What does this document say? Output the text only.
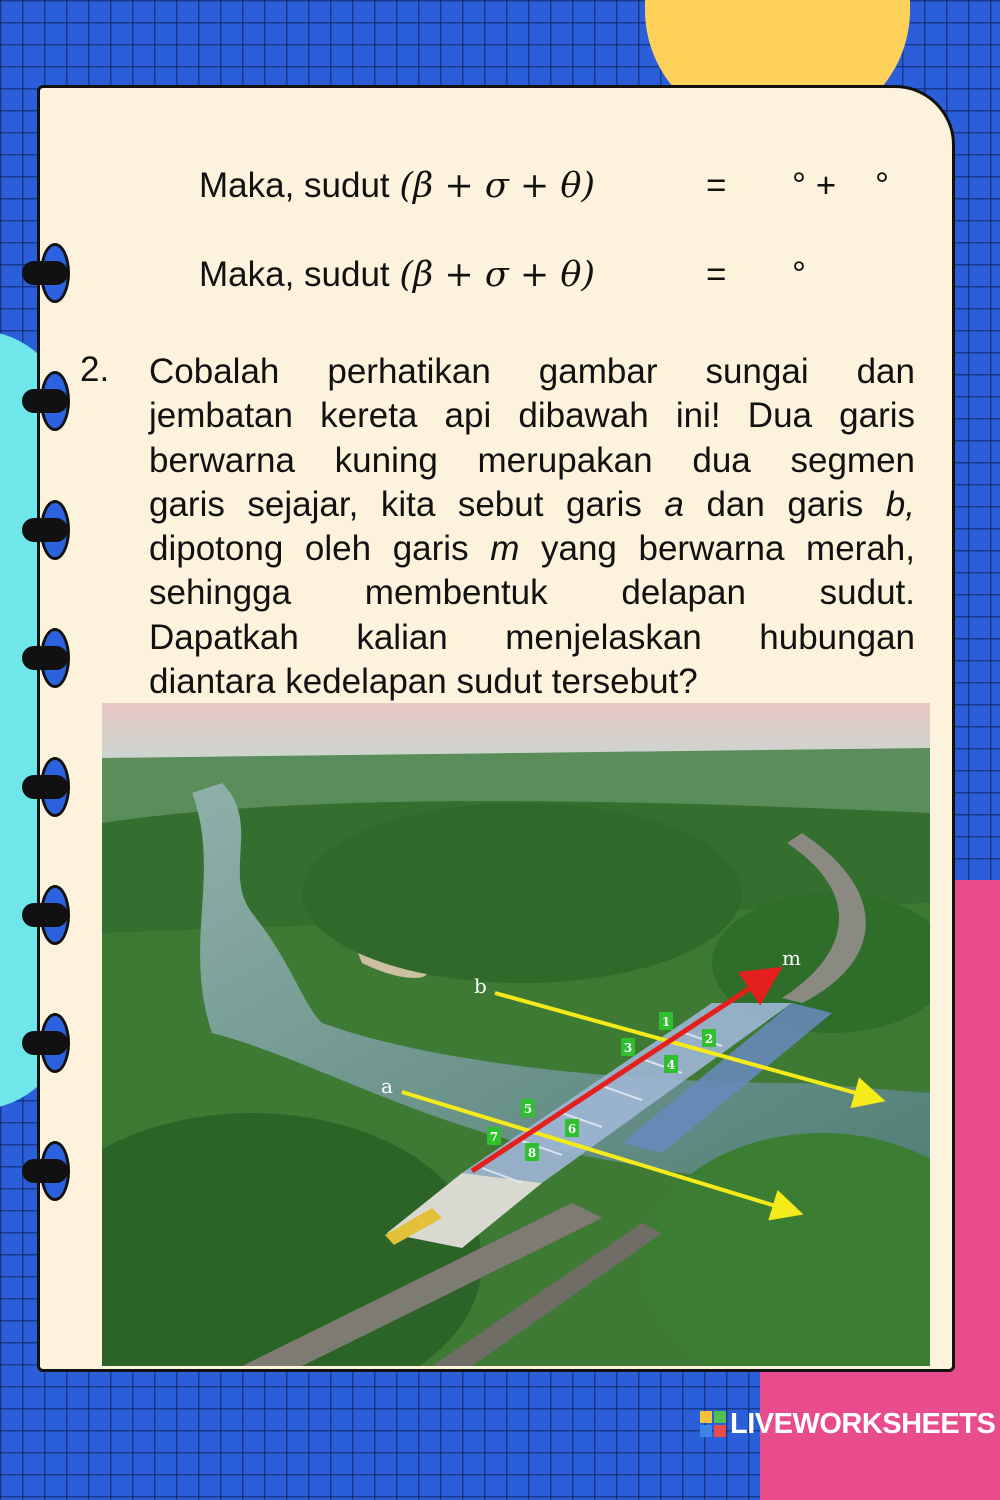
Maka, sudut (β + σ + θ)	= ° +    °
Maka, sudut (β + σ + θ)	= °
2. Cobalah perhatikan gambar sungai dan
jembatan kereta api dibawah ini! Dua garis
berwarna kuning merupakan dua segmen
garis sejajar, kita sebut garis a dan garis b,
dipotong oleh garis m yang berwarna merah,
sehingga membentuk delapan sudut.
Dapatkah kalian menjelaskan hubungan
diantara kedelapan sudut tersebut?
b
a
m
1
2
3
4
5
6
7
8
LIVEWORKSHEETS
